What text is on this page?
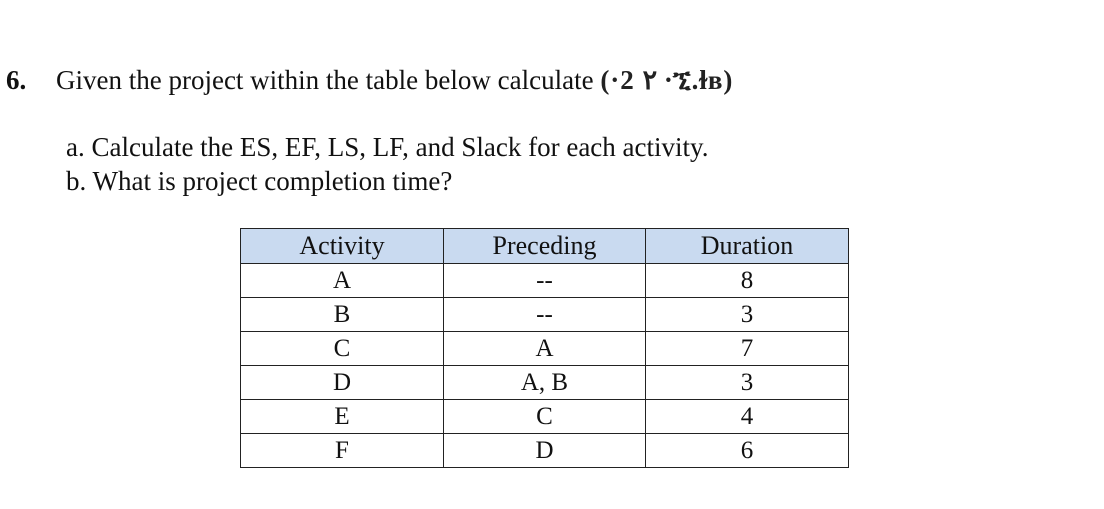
6. Given the project within the table below calculate (·2 ٢ ·ኚ.ɫʙ)
a. Calculate the ES, EF, LS, LF, and Slack for each activity.
b. What is project completion time?
Activity	Preceding	Duration
A	--	8
B	--	3
C	A	7
D	A, B	3
E	C	4
F	D	6
